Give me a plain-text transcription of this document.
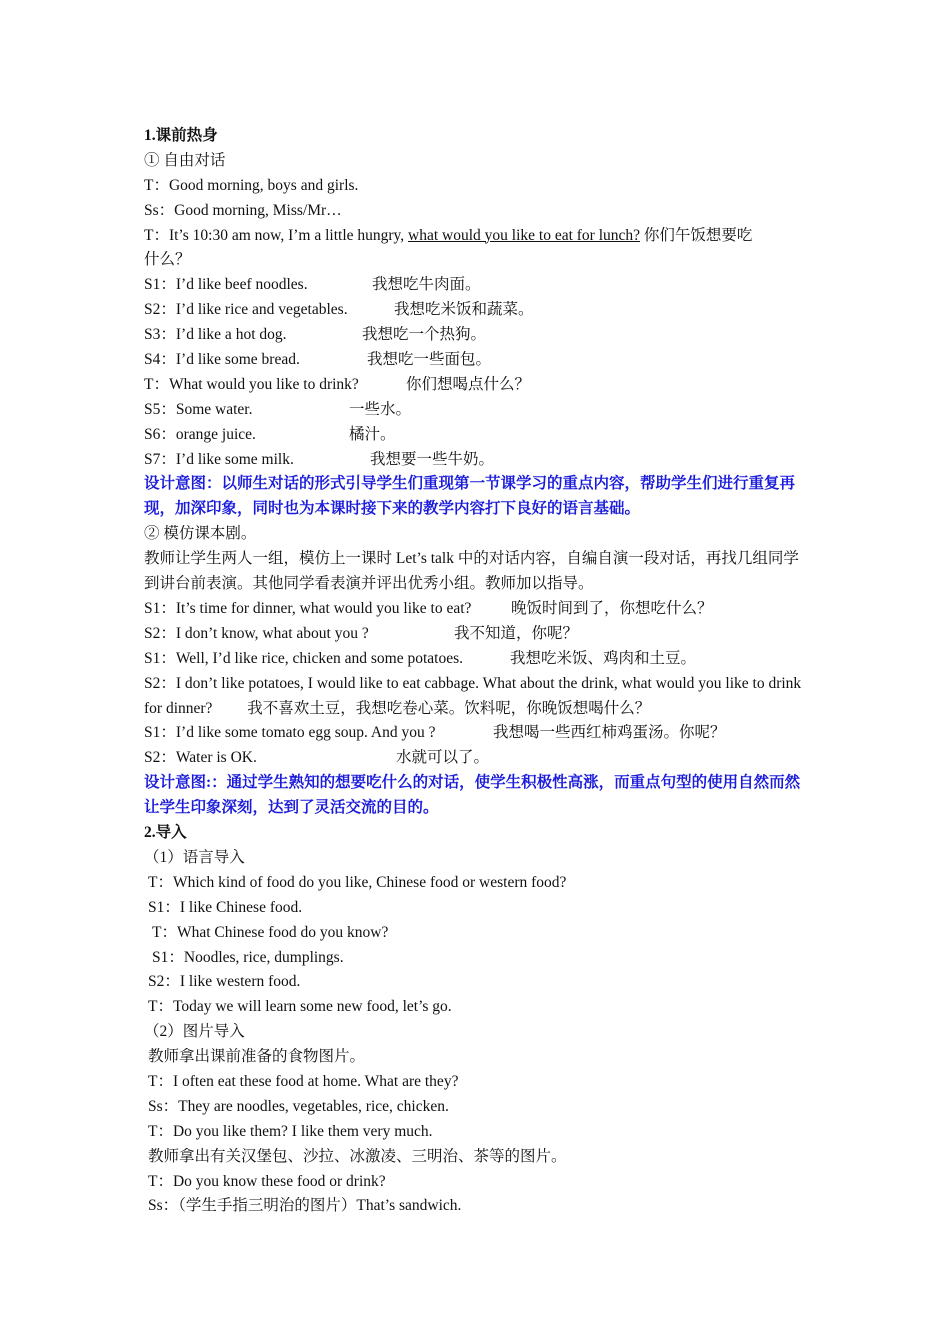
1.课前热身
① 自由对话
T：Good morning, boys and girls.
Ss：Good morning, Miss/Mr…
T：It’s 10:30 am now, I’m a little hungry, what would you like to eat for lunch? 你们午饭想要吃
什么？
S1：I’d like beef noodles.	我想吃牛肉面。
S2：I’d like rice and vegetables.	我想吃米饭和蔬菜。
S3：I’d like a hot dog.	我想吃一个热狗。
S4：I’d like some bread.	我想吃一些面包。
T：What would you like to drink?	你们想喝点什么？
S5：Some water.	一些水。
S6：orange juice.	橘汁。
S7：I’d like some milk.	我想要一些牛奶。
设计意图：以师生对话的形式引导学生们重现第一节课学习的重点内容，帮助学生们进行重复再现，加深印象，同时也为本课时接下来的教学内容打下良好的语言基础。
② 模仿课本剧。
教师让学生两人一组，模仿上一课时 Let’s talk 中的对话内容，自编自演一段对话，再找几组同学到讲台前表演。其他同学看表演并评出优秀小组。教师加以指导。
S1：It’s time for dinner, what would you like to eat?	晚饭时间到了，你想吃什么？
S2：I don’t know, what about you ?	我不知道，你呢？
S1：Well, I’d like rice, chicken and some potatoes.	我想吃米饭、鸡肉和土豆。
S2：I don’t like potatoes, I would like to eat cabbage. What about the drink, what would you like to drink for dinner?　　 我不喜欢土豆，我想吃卷心菜。饮料呢，你晚饭想喝什么？
S1：I’d like some tomato egg soup. And you ?	我想喝一些西红柿鸡蛋汤。你呢？
S2：Water is OK.	水就可以了。
设计意图:：通过学生熟知的想要吃什么的对话，使学生积极性高涨，而重点句型的使用自然而然让学生印象深刻，达到了灵活交流的目的。
2.导入
（1）语言导入
T：Which kind of food do you like, Chinese food or western food?
S1：I like Chinese food.
T：What Chinese food do you know?
S1：Noodles, rice, dumplings.
S2：I like western food.
T：Today we will learn some new food, let’s go.
（2）图片导入
教师拿出课前准备的食物图片。
T：I often eat these food at home. What are they?
Ss：They are noodles, vegetables, rice, chicken.
T：Do you like them? I like them very much.
教师拿出有关汉堡包、沙拉、冰激凌、三明治、茶等的图片。
T：Do you know these food or drink?
Ss：（学生手指三明治的图片）That’s sandwich.
